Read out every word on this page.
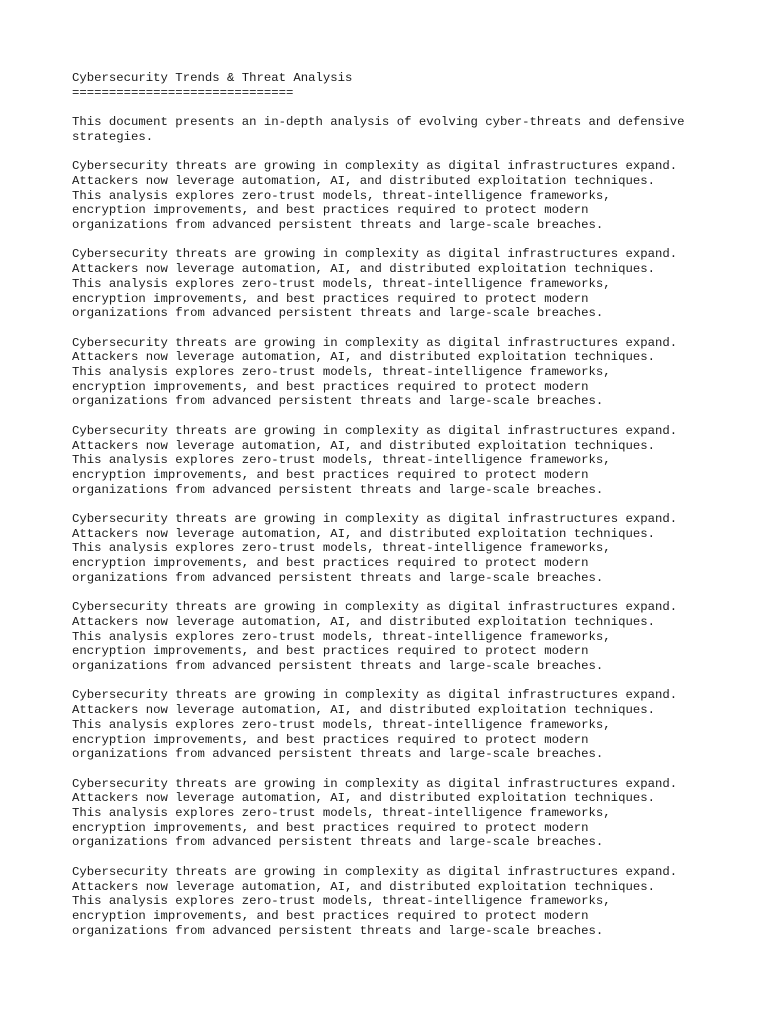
Cybersecurity Trends & Threat Analysis
==============================
This document presents an in-depth analysis of evolving cyber-threats and defensive
strategies.
Cybersecurity threats are growing in complexity as digital infrastructures expand.
Attackers now leverage automation, AI, and distributed exploitation techniques.
This analysis explores zero-trust models, threat-intelligence frameworks,
encryption improvements, and best practices required to protect modern
organizations from advanced persistent threats and large-scale breaches.
Cybersecurity threats are growing in complexity as digital infrastructures expand.
Attackers now leverage automation, AI, and distributed exploitation techniques.
This analysis explores zero-trust models, threat-intelligence frameworks,
encryption improvements, and best practices required to protect modern
organizations from advanced persistent threats and large-scale breaches.
Cybersecurity threats are growing in complexity as digital infrastructures expand.
Attackers now leverage automation, AI, and distributed exploitation techniques.
This analysis explores zero-trust models, threat-intelligence frameworks,
encryption improvements, and best practices required to protect modern
organizations from advanced persistent threats and large-scale breaches.
Cybersecurity threats are growing in complexity as digital infrastructures expand.
Attackers now leverage automation, AI, and distributed exploitation techniques.
This analysis explores zero-trust models, threat-intelligence frameworks,
encryption improvements, and best practices required to protect modern
organizations from advanced persistent threats and large-scale breaches.
Cybersecurity threats are growing in complexity as digital infrastructures expand.
Attackers now leverage automation, AI, and distributed exploitation techniques.
This analysis explores zero-trust models, threat-intelligence frameworks,
encryption improvements, and best practices required to protect modern
organizations from advanced persistent threats and large-scale breaches.
Cybersecurity threats are growing in complexity as digital infrastructures expand.
Attackers now leverage automation, AI, and distributed exploitation techniques.
This analysis explores zero-trust models, threat-intelligence frameworks,
encryption improvements, and best practices required to protect modern
organizations from advanced persistent threats and large-scale breaches.
Cybersecurity threats are growing in complexity as digital infrastructures expand.
Attackers now leverage automation, AI, and distributed exploitation techniques.
This analysis explores zero-trust models, threat-intelligence frameworks,
encryption improvements, and best practices required to protect modern
organizations from advanced persistent threats and large-scale breaches.
Cybersecurity threats are growing in complexity as digital infrastructures expand.
Attackers now leverage automation, AI, and distributed exploitation techniques.
This analysis explores zero-trust models, threat-intelligence frameworks,
encryption improvements, and best practices required to protect modern
organizations from advanced persistent threats and large-scale breaches.
Cybersecurity threats are growing in complexity as digital infrastructures expand.
Attackers now leverage automation, AI, and distributed exploitation techniques.
This analysis explores zero-trust models, threat-intelligence frameworks,
encryption improvements, and best practices required to protect modern
organizations from advanced persistent threats and large-scale breaches.
